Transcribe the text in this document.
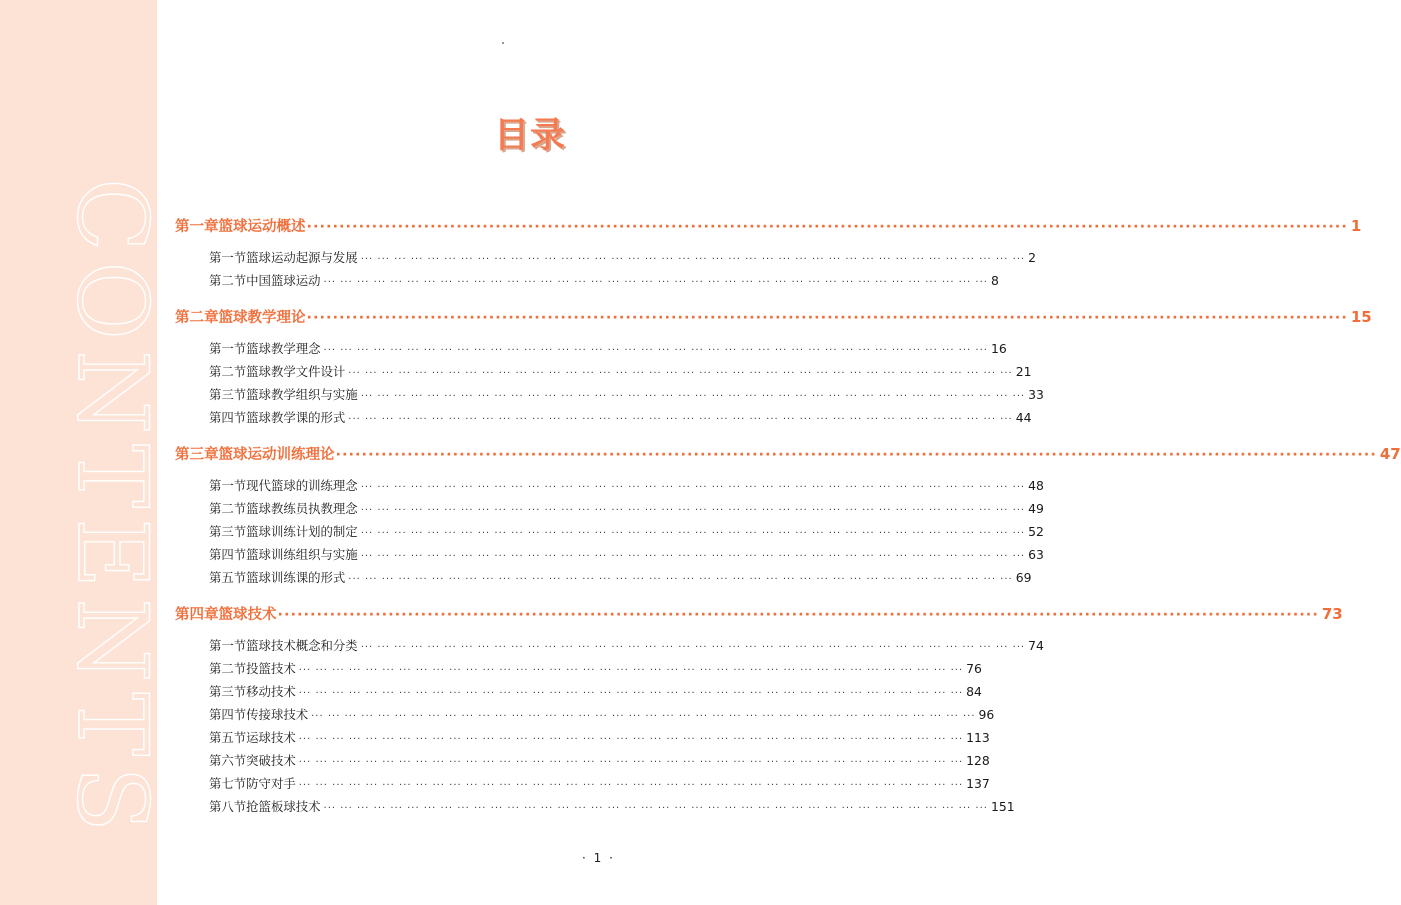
CONTENTS
目录
第一章 篮球运动概述 ································································································································································ 1
第一节 篮球运动起源与发展 ··· ··· ··· ··· ··· ··· ··· ··· ··· ··· ··· ··· ··· ··· ··· ··· ··· ··· ··· ··· ··· ··· ··· ··· ··· ··· ··· ··· ··· ··· ··· ··· ··· ··· ··· ··· ··· ··· ··· ··· 2
第二节 中国篮球运动 ··· ··· ··· ··· ··· ··· ··· ··· ··· ··· ··· ··· ··· ··· ··· ··· ··· ··· ··· ··· ··· ··· ··· ··· ··· ··· ··· ··· ··· ··· ··· ··· ··· ··· ··· ··· ··· ··· ··· ··· 8
第二章 篮球教学理论 ································································································································································ 15
第一节 篮球教学理念 ··· ··· ··· ··· ··· ··· ··· ··· ··· ··· ··· ··· ··· ··· ··· ··· ··· ··· ··· ··· ··· ··· ··· ··· ··· ··· ··· ··· ··· ··· ··· ··· ··· ··· ··· ··· ··· ··· ··· ··· 16
第二节 篮球教学文件设计 ··· ··· ··· ··· ··· ··· ··· ··· ··· ··· ··· ··· ··· ··· ··· ··· ··· ··· ··· ··· ··· ··· ··· ··· ··· ··· ··· ··· ··· ··· ··· ··· ··· ··· ··· ··· ··· ··· ··· ··· 21
第三节 篮球教学组织与实施 ··· ··· ··· ··· ··· ··· ··· ··· ··· ··· ··· ··· ··· ··· ··· ··· ··· ··· ··· ··· ··· ··· ··· ··· ··· ··· ··· ··· ··· ··· ··· ··· ··· ··· ··· ··· ··· ··· ··· ··· 33
第四节 篮球教学课的形式 ··· ··· ··· ··· ··· ··· ··· ··· ··· ··· ··· ··· ··· ··· ··· ··· ··· ··· ··· ··· ··· ··· ··· ··· ··· ··· ··· ··· ··· ··· ··· ··· ··· ··· ··· ··· ··· ··· ··· ··· 44
第三章 篮球运动训练理论 ································································································································································ 47
第一节 现代篮球的训练理念 ··· ··· ··· ··· ··· ··· ··· ··· ··· ··· ··· ··· ··· ··· ··· ··· ··· ··· ··· ··· ··· ··· ··· ··· ··· ··· ··· ··· ··· ··· ··· ··· ··· ··· ··· ··· ··· ··· ··· ··· 48
第二节 篮球教练员执教理念 ··· ··· ··· ··· ··· ··· ··· ··· ··· ··· ··· ··· ··· ··· ··· ··· ··· ··· ··· ··· ··· ··· ··· ··· ··· ··· ··· ··· ··· ··· ··· ··· ··· ··· ··· ··· ··· ··· ··· ··· 49
第三节 篮球训练计划的制定 ··· ··· ··· ··· ··· ··· ··· ··· ··· ··· ··· ··· ··· ··· ··· ··· ··· ··· ··· ··· ··· ··· ··· ··· ··· ··· ··· ··· ··· ··· ··· ··· ··· ··· ··· ··· ··· ··· ··· ··· 52
第四节 篮球训练组织与实施 ··· ··· ··· ··· ··· ··· ··· ··· ··· ··· ··· ··· ··· ··· ··· ··· ··· ··· ··· ··· ··· ··· ··· ··· ··· ··· ··· ··· ··· ··· ··· ··· ··· ··· ··· ··· ··· ··· ··· ··· 63
第五节 篮球训练课的形式 ··· ··· ··· ··· ··· ··· ··· ··· ··· ··· ··· ··· ··· ··· ··· ··· ··· ··· ··· ··· ··· ··· ··· ··· ··· ··· ··· ··· ··· ··· ··· ··· ··· ··· ··· ··· ··· ··· ··· ··· 69
第四章 篮球技术 ································································································································································ 73
第一节 篮球技术概念和分类 ··· ··· ··· ··· ··· ··· ··· ··· ··· ··· ··· ··· ··· ··· ··· ··· ··· ··· ··· ··· ··· ··· ··· ··· ··· ··· ··· ··· ··· ··· ··· ··· ··· ··· ··· ··· ··· ··· ··· ··· 74
第二节 投篮技术 ··· ··· ··· ··· ··· ··· ··· ··· ··· ··· ··· ··· ··· ··· ··· ··· ··· ··· ··· ··· ··· ··· ··· ··· ··· ··· ··· ··· ··· ··· ··· ··· ··· ··· ··· ··· ··· ··· ··· ··· 76
第三节 移动技术 ··· ··· ··· ··· ··· ··· ··· ··· ··· ··· ··· ··· ··· ··· ··· ··· ··· ··· ··· ··· ··· ··· ··· ··· ··· ··· ··· ··· ··· ··· ··· ··· ··· ··· ··· ··· ··· ··· ··· ··· 84
第四节 传接球技术 ··· ··· ··· ··· ··· ··· ··· ··· ··· ··· ··· ··· ··· ··· ··· ··· ··· ··· ··· ··· ··· ··· ··· ··· ··· ··· ··· ··· ··· ··· ··· ··· ··· ··· ··· ··· ··· ··· ··· ··· 96
第五节 运球技术 ··· ··· ··· ··· ··· ··· ··· ··· ··· ··· ··· ··· ··· ··· ··· ··· ··· ··· ··· ··· ··· ··· ··· ··· ··· ··· ··· ··· ··· ··· ··· ··· ··· ··· ··· ··· ··· ··· ··· ··· 113
第六节 突破技术 ··· ··· ··· ··· ··· ··· ··· ··· ··· ··· ··· ··· ··· ··· ··· ··· ··· ··· ··· ··· ··· ··· ··· ··· ··· ··· ··· ··· ··· ··· ··· ··· ··· ··· ··· ··· ··· ··· ··· ··· 128
第七节 防守对手 ··· ··· ··· ··· ··· ··· ··· ··· ··· ··· ··· ··· ··· ··· ··· ··· ··· ··· ··· ··· ··· ··· ··· ··· ··· ··· ··· ··· ··· ··· ··· ··· ··· ··· ··· ··· ··· ··· ··· ··· 137
第八节 抢篮板球技术 ··· ··· ··· ··· ··· ··· ··· ··· ··· ··· ··· ··· ··· ··· ··· ··· ··· ··· ··· ··· ··· ··· ··· ··· ··· ··· ··· ··· ··· ··· ··· ··· ··· ··· ··· ··· ··· ··· ··· ··· 151
· 1 ·
